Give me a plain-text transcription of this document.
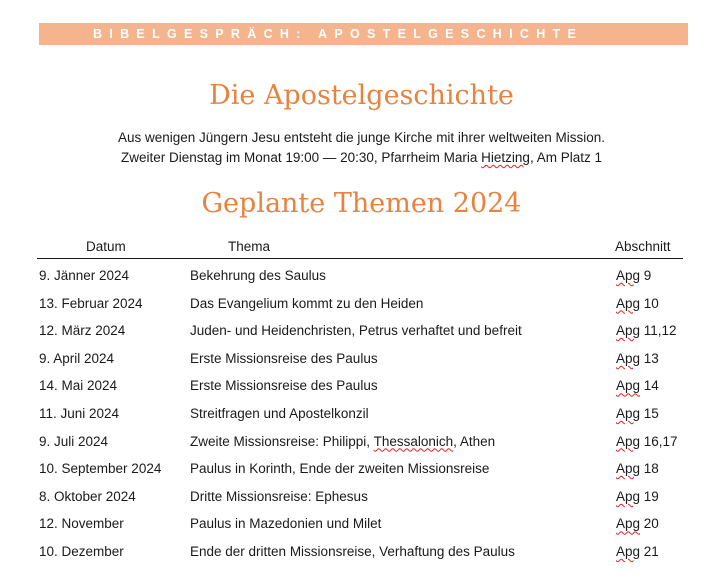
BIBELGESPRÄCH: APOSTELGESCHICHTE
Die Apostelgeschichte
Aus wenigen Jüngern Jesu entsteht die junge Kirche mit ihrer weltweiten Mission.
Zweiter Dienstag im Monat 19:00 — 20:30, Pfarrheim Maria Hietzing, Am Platz 1
Geplante Themen 2024
Datum	Thema	Abschnitt
9. Jänner 2024	Bekehrung des Saulus	Apg 9
13. Februar 2024	Das Evangelium kommt zu den Heiden	Apg 10
12. März 2024	Juden- und Heidenchristen, Petrus verhaftet und befreit	Apg 11,12
9. April 2024	Erste Missionsreise des Paulus	Apg 13
14. Mai 2024	Erste Missionsreise des Paulus	Apg 14
11. Juni 2024	Streitfragen und Apostelkonzil	Apg 15
9. Juli 2024	Zweite Missionsreise: Philippi, Thessalonich, Athen	Apg 16,17
10. September 2024 Paulus in Korinth, Ende der zweiten Missionsreise	Apg 18
8. Oktober 2024	Dritte Missionsreise: Ephesus	Apg 19
12. November	Paulus in Mazedonien und Milet	Apg 20
10. Dezember	Ende der dritten Missionsreise, Verhaftung des Paulus	Apg 21
